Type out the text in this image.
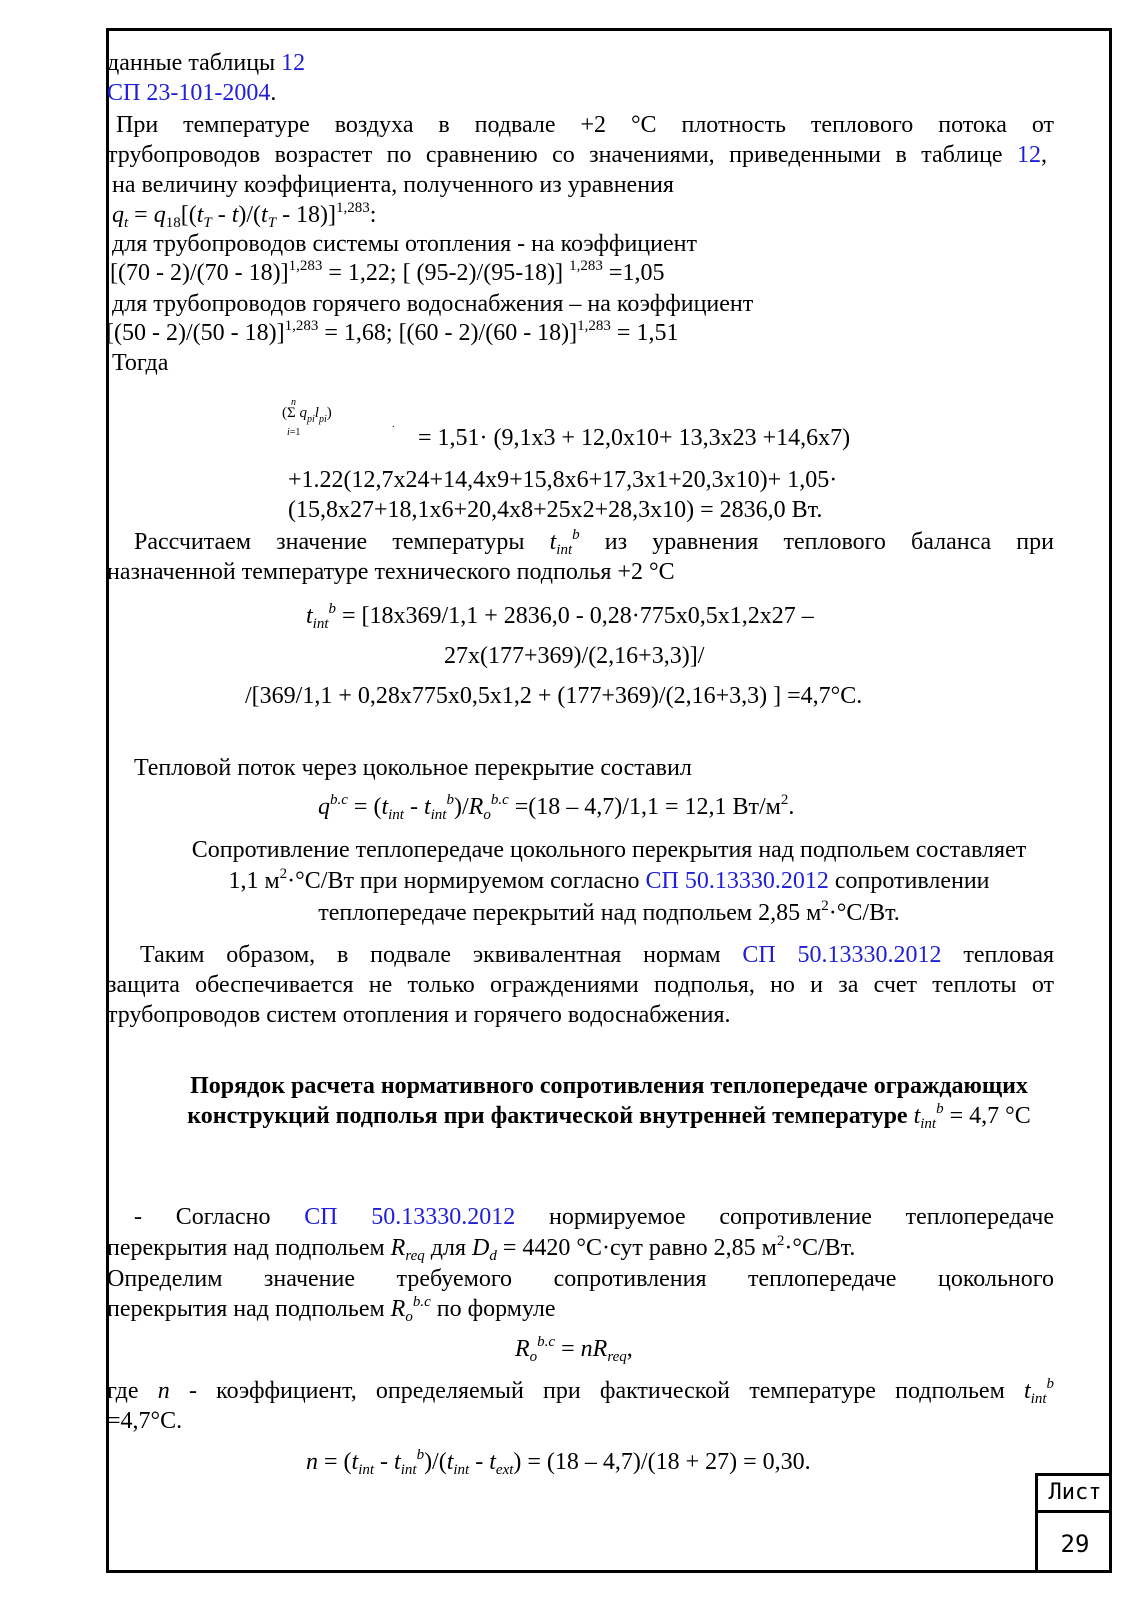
данные таблицы 12
СП 23-101-2004.
При температуре воздуха в подвале +2 °С плотность теплового потока от
трубопроводов возрастет по сравнению со значениями, приведенными в таблице 12,
на величину коэффициента, полученного из уравнения
$q_t = q_{18}[(t_T - t)/(t_T - 18)]^{1,283}$:
для трубопроводов системы отопления - на коэффициент
[(70 - 2)/(70 - 18)]$^{1,283}$ = 1,22; [ (95-2)/(95-18)] $^{1,283}$ =1,05
для трубопроводов горячего водоснабжения – на коэффициент
[(50 - 2)/(50 - 18)]$^{1,283}$ = 1,68; [(60 - 2)/(60 - 18)]$^{1,283}$ = 1,51
Тогда
n
(Σ $q_{pi}l_{pi}$)
i=1
.
= 1,51· (9,1x3 + 12,0x10+ 13,3x23 +14,6x7)
+1.22(12,7x24+14,4x9+15,8x6+17,3x1+20,3x10)+ 1,05·
(15,8x27+18,1x6+20,4x8+25x2+28,3x10) = 2836,0 Вт.
Рассчитаем значение температуры $t_{int}^b$ из уравнения теплового баланса при
назначенной температуре технического подполья +2 °С
$t_{int}^b = [18x369/1,1 + 2836,0 - 0,28\cdot 775x0,5x1,2x27$ –
27x(177+369)/(2,16+3,3)]/
/[369/1,1 + 0,28x775x0,5x1,2 + (177+369)/(2,16+3,3) ] =4,7°С.
Тепловой поток через цокольное перекрытие составил
$q^{b.c} = (t_{int} - t_{int}^b)/R_o^{b.c} =(18 - 4,7)/1,1 = 12,1$ $Вт/м^2$.
Сопротивление теплопередаче цокольного перекрытия над подпольем составляет
1,1 $м^2\cdot^\circ С/Вт$ при нормируемом согласно СП 50.13330.2012 сопротивлении
теплопередаче перекрытий над подпольем 2,85 $м^2\cdot^\circ С/Вт$.
Таким образом, в подвале эквивалентная нормам СП 50.13330.2012 тепловая
защита обеспечивается не только ограждениями подполья, но и за счет теплоты от
трубопроводов систем отопления и горячего водоснабжения.
Порядок расчета нормативного сопротивления теплопередаче ограждающих
конструкций подполья при фактической внутренней температуре $t_{int}^b = 4,7$ °С
- Согласно СП 50.13330.2012 нормируемое сопротивление теплопередаче
перекрытия над подпольем $R_{req}$ для $D_d = 4420$ °С·сут равно 2,85 $м^2\cdot^\circ С/Вт$.
Определим значение требуемого сопротивления теплопередаче цокольного
перекрытия над подпольем $R_o^{b.c}$ по формуле
$R_o^{b.c} = nR_{req}$,
где n - коэффициент, определяемый при фактической температуре подпольем $t_{int}^b$
=4,7°С.
$n = (t_{int} - t_{int}^b)/(t_{int} - t_{ext}) = (18 - 4,7)/(18 + 27) = 0,30$.
Лист
29
